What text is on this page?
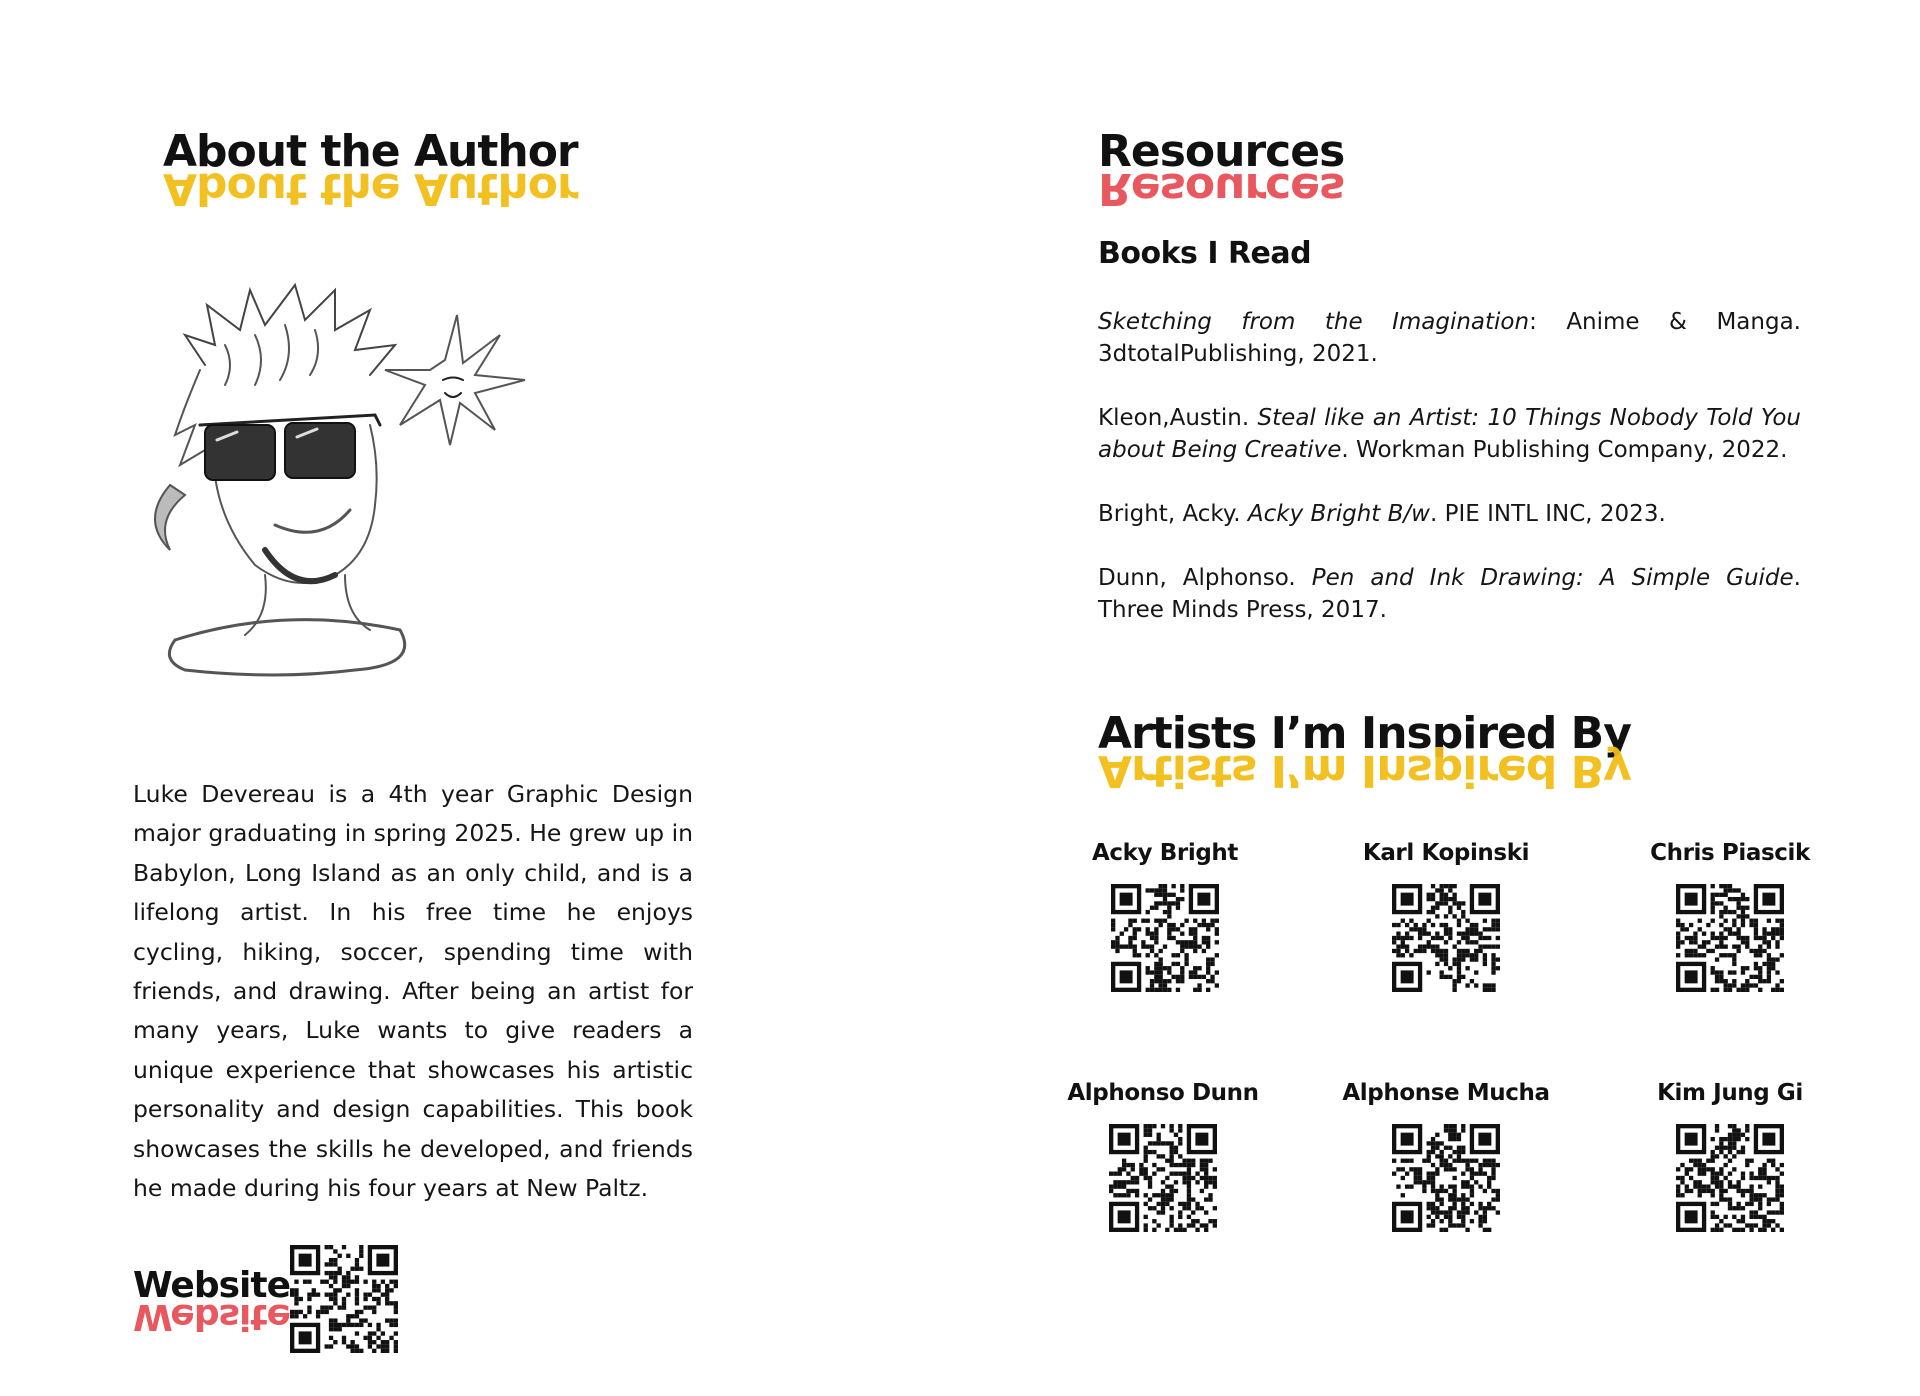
About the Author
About the Author
Luke Devereau is a 4th year Graphic Design major graduating in spring 2025. He grew up in Babylon, Long Island as an only child, and is a lifelong artist. In his free time he enjoys cycling, hiking, soccer, spending time with friends, and drawing. After being an artist for many years, Luke wants to give readers a unique experience that showcases his artistic personality and design capabilities. This book showcases the skills he developed, and friends he made during his four years at New Paltz.
Website
Website
Resources
Resources
Books I Read

Sketching from the Imagination: Anime & Manga. 3dtotalPublishing, 2021.

Kleon,Austin. Steal like an Artist: 10 Things Nobody Told You about Being Creative. Workman Publishing Company, 2022.

Bright, Acky. Acky Bright B/w. PIE INTL INC, 2023.

Dunn, Alphonso. Pen and Ink Drawing: A Simple Guide. Three Minds Press, 2017.

Artists I’m Inspired By
Artists I’m Inspired By
Acky Bright	Karl Kopinski	Chris Piascik
Alphonso Dunn	Alphonse Mucha	Kim Jung Gi
